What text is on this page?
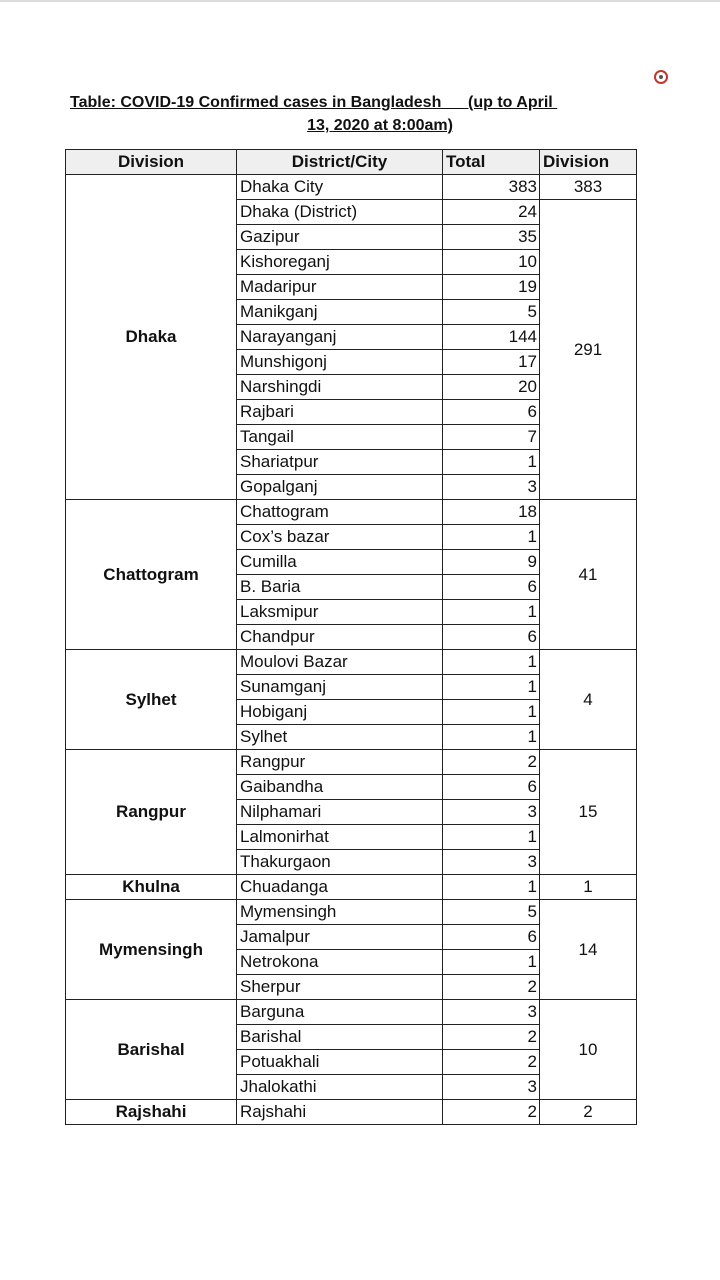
Table: COVID-19 Confirmed cases in Bangladesh      (up to April
13, 2020 at 8:00am)
Division	District/City	Total	Division
Dhaka	Dhaka City	383	383
	Dhaka (District)	24	291
	Gazipur	35	
	Kishoreganj	10	
	Madaripur	19	
	Manikganj	5	
	Narayanganj	144	
	Munshigonj	17	
	Narshingdi	20	
	Rajbari	6	
	Tangail	7	
	Shariatpur	1	
	Gopalganj	3	
Chattogram	Chattogram	18	41
	Cox’s bazar	1	
	Cumilla	9	
	B. Baria	6	
	Laksmipur	1	
	Chandpur	6	
Sylhet	Moulovi Bazar	1	4
	Sunamganj	1	
	Hobiganj	1	
	Sylhet	1	
Rangpur	Rangpur	2	15
	Gaibandha	6	
	Nilphamari	3	
	Lalmonirhat	1	
	Thakurgaon	3	
Khulna	Chuadanga	1	1
Mymensingh	Mymensingh	5	14
	Jamalpur	6	
	Netrokona	1	
	Sherpur	2	
Barishal	Barguna	3	10
	Barishal	2	
	Potuakhali	2	
	Jhalokathi	3	
Rajshahi	Rajshahi	2	2
